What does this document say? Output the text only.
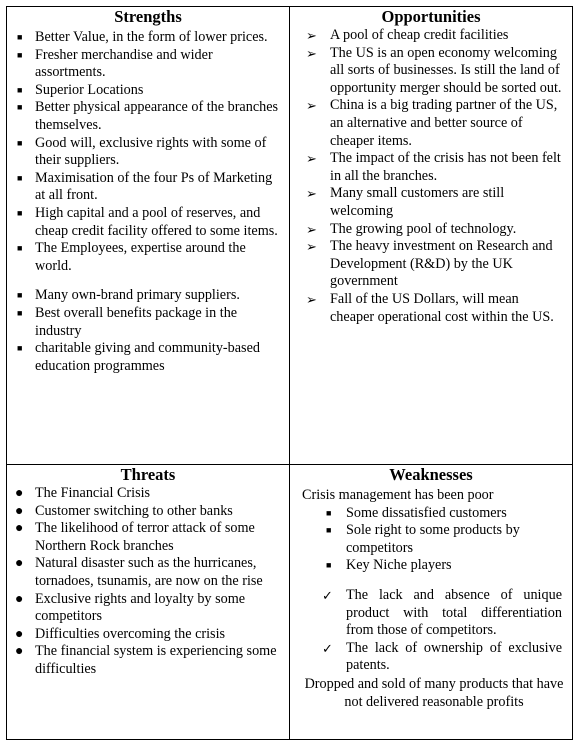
Strengths

■ Better Value, in the form of lower prices.
■ Fresher merchandise and wider assortments.
■ Superior Locations
■ Better physical appearance of the branches themselves.
■ Good will, exclusive rights with some of their suppliers.
■ Maximisation of the four Ps of Marketing at all front.
■ High capital and a pool of reserves, and cheap credit facility offered to some items.
■ The Employees, expertise around the world.
■ Many own-brand primary suppliers.
■ Best overall benefits package in the industry
■ charitable giving and community-based education programmes

Opportunities

➢ A pool of cheap credit facilities
➢ The US is an open economy welcoming all sorts of businesses. Is still the land of opportunity merger should be sorted out.
➢ China is a big trading partner of the US, an alternative and better source of cheaper items.
➢ The impact of the crisis has not been felt in all the branches.
➢ Many small customers are still welcoming
➢ The growing pool of technology.
➢ The heavy investment on Research and Development (R&D) by the UK government
➢ Fall of the US Dollars, will mean cheaper operational cost within the US.

Threats

● The Financial Crisis
● Customer switching to other banks
● The likelihood of terror attack of some Northern Rock branches
● Natural disaster such as the hurricanes, tornadoes, tsunamis, are now on the rise
● Exclusive rights and loyalty by some competitors
● Difficulties overcoming the crisis
● The financial system is experiencing some difficulties

Weaknesses

Crisis management has been poor

■ Some dissatisfied customers
■ Sole right to some products by competitors
■ Key Niche players
✓ The lack and absence of unique product with total differentiation from those of competitors.
✓ The lack of ownership of exclusive patents.

Dropped and sold of many products that have not delivered reasonable profits
